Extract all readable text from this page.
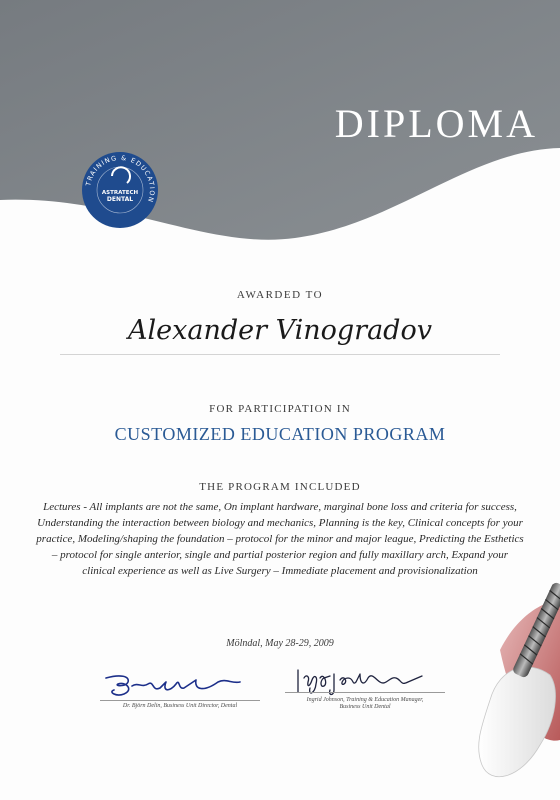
DIPLOMA
TRAINING & EDUCATION
ASTRATECH
DENTAL
AWARDED TO
Alexander Vinogradov
FOR PARTICIPATION IN
CUSTOMIZED EDUCATION PROGRAM
THE PROGRAM INCLUDED

Lectures - All implants are not the same, On implant hardware, marginal bone loss and criteria for success, Understanding the interaction between biology and mechanics, Planning is the key, Clinical concepts for your practice, Modeling/shaping the foundation – protocol for the minor and major league, Predicting the Esthetics – protocol for single anterior, single and partial posterior region and fully maxillary arch, Expand your clinical experience as well as Live Surgery – Immediate placement and provisionalization

Mölndal, May 28-29, 2009
Dr. Björn Delin, Business Unit Director, Dental
Ingrid Johnson, Training & Education Manager,
Business Unit Dental
